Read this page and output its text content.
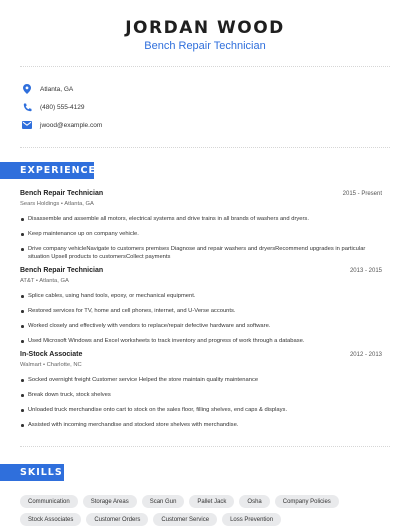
JORDAN WOOD
Bench Repair Technician
Atlanta, GA
(480) 555-4129
jwood@example.com
EXPERIENCE
Bench Repair Technician	2015 - Present
Sears Holdings • Atlanta, GA
Disassemble and assemble all motors, electrical systems and drive trains in all brands of washers and dryers.
Keep maintenance up on company vehicle.
Drive company vehicleNavigate to customers premises Diagnose and repair washers and dryersRecommend upgrades in particular situation Upsell products to customersCollect payments
Bench Repair Technician	2013 - 2015
AT&T • Atlanta, GA
Splice cables, using hand tools, epoxy, or mechanical equipment.
Restored services for TV, home and cell phones, internet, and U-Verse accounts.
Worked closely and effectively with vendors to replace/repair defective hardware and software.
Used Microsoft Windows and Excel worksheets to track inventory and progress of work through a database.
In-Stock Associate	2012 - 2013
Walmart • Charlotte, NC
Socked overnight freight Customer service Helped the store maintain quality maintenance
Break down truck, stock shelves
Unloaded truck merchandise onto cart to stock on the sales floor, filling shelves, end caps & displays.
Assisted with incoming merchandise and stocked store shelves with merchandise.
SKILLS
Communication	Storage Areas	Scan Gun	Pallet Jack	Osha	Company Policies
Stock Associates	Customer Orders	Customer Service	Loss Prevention
